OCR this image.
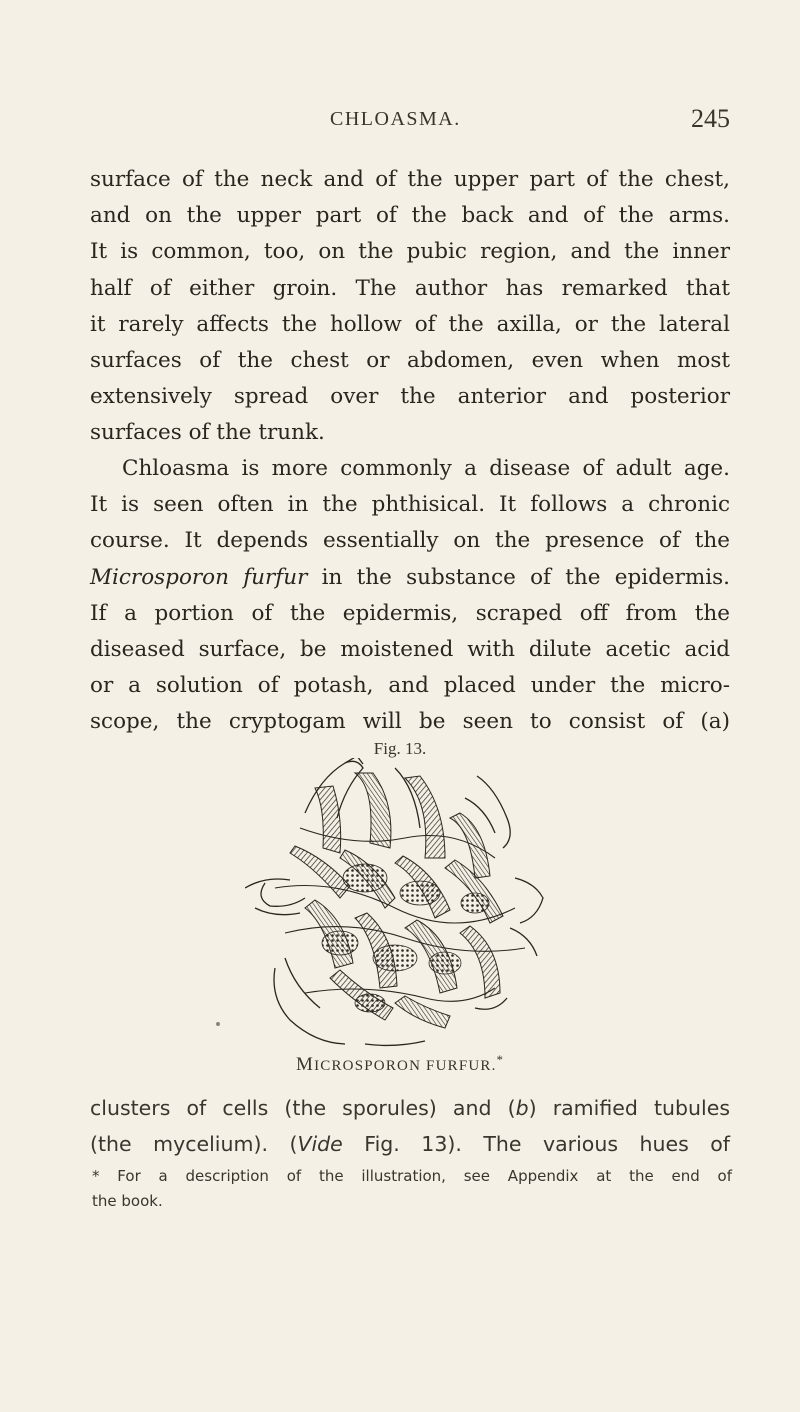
CHLOASMA.	245
surface of the neck and of the upper part of the chest,
and on the upper part of the back and of the arms.
It is common, too, on the pubic region, and the inner
half of either groin. The author has remarked that
it rarely affects the hollow of the axilla, or the lateral
surfaces of the chest or abdomen, even when most
extensively spread over the anterior and posterior
surfaces of the trunk.
Chloasma is more commonly a disease of adult age.
It is seen often in the phthisical. It follows a chronic
course. It depends essentially on the presence of the
Microsporon furfur in the substance of the epidermis.
If a portion of the epidermis, scraped off from the
diseased surface, be moistened with dilute acetic acid
or a solution of potash, and placed under the micro-
scope, the cryptogam will be seen to consist of (a)
Fig. 13.
MICROSPORON FURFUR.*
clusters of cells (the sporules) and (b) ramified tubules
(the mycelium). (Vide Fig. 13). The various hues of
* For a description of the illustration, see Appendix at the end of
the book.
